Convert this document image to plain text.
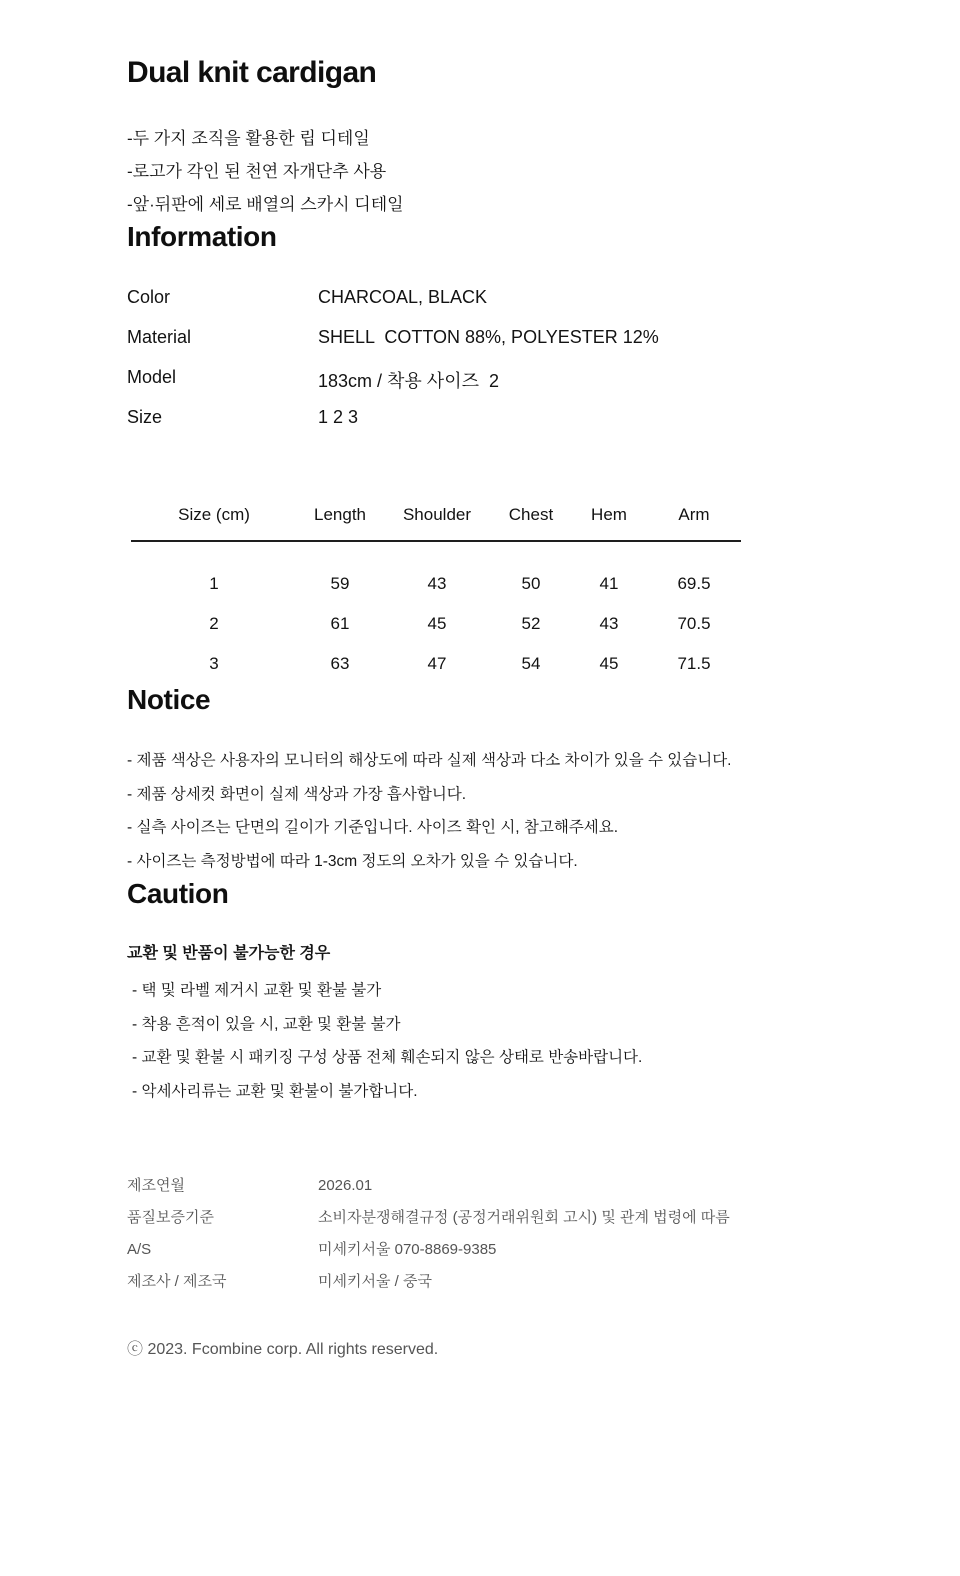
Dual knit cardigan
-두 가지 조직을 활용한 립 디테일
-로고가 각인 된 천연 자개단추 사용
-앞·뒤판에 세로 배열의 스카시 디테일
Information
Color	CHARCOAL, BLACK
Material	SHELL  COTTON 88%, POLYESTER 12%
Model	183cm / 착용 사이즈  2
Size	1 2 3
Size (cm)	Length	Shoulder	Chest	Hem	Arm
1	59	43	50	41	69.5
2	61	45	52	43	70.5
3	63	47	54	45	71.5
Notice
- 제품 색상은 사용자의 모니터의 해상도에 따라 실제 색상과 다소 차이가 있을 수 있습니다.
- 제품 상세컷 화면이 실제 색상과 가장 흡사합니다.
- 실측 사이즈는 단면의 길이가 기준입니다. 사이즈 확인 시, 참고해주세요.
- 사이즈는 측정방법에 따라 1-3cm 정도의 오차가 있을 수 있습니다.
Caution
교환 및 반품이 불가능한 경우
- 택 및 라벨 제거시 교환 및 환불 불가
- 착용 흔적이 있을 시, 교환 및 환불 불가
- 교환 및 환불 시 패키징 구성 상품 전체 훼손되지 않은 상태로 반송바랍니다.
- 악세사리류는 교환 및 환불이 불가합니다.
제조연월	2026.01
품질보증기준	소비자분쟁해결규정 (공정거래위원회 고시) 및 관계 법령에 따름
A/S	미세키서울 070-8869-9385
제조사 / 제조국	미세키서울 / 중국
ⓒ 2023. Fcombine corp. All rights reserved.
